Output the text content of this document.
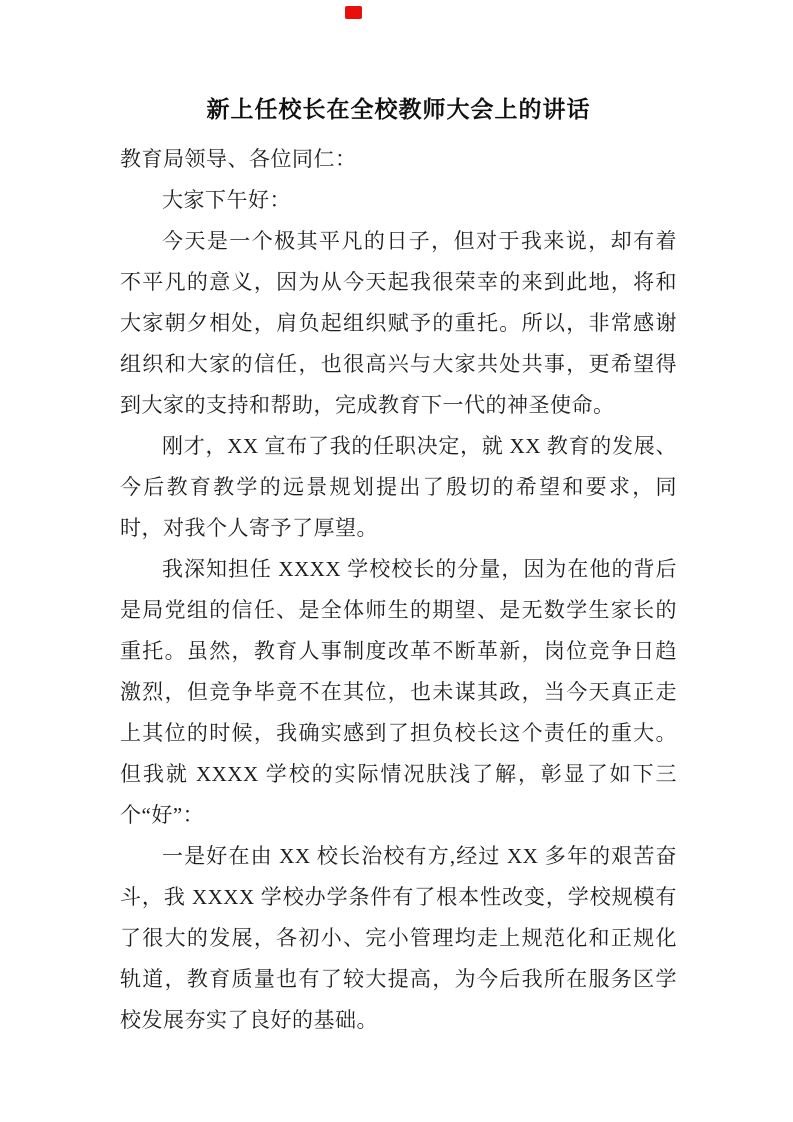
新上任校长在全校教师大会上的讲话

教育局领导、各位同仁：

大家下午好：

今天是一个极其平凡的日子，但对于我来说，却有着不平凡的意义，因为从今天起我很荣幸的来到此地，将和大家朝夕相处，肩负起组织赋予的重托。所以，非常感谢组织和大家的信任，也很高兴与大家共处共事，更希望得到大家的支持和帮助，完成教育下一代的神圣使命。

刚才，XX 宣布了我的任职决定，就 XX 教育的发展、今后教育教学的远景规划提出了殷切的希望和要求，同时，对我个人寄予了厚望。

我深知担任 XXXX 学校校长的分量，因为在他的背后是局党组的信任、是全体师生的期望、是无数学生家长的重托。虽然，教育人事制度改革不断革新，岗位竞争日趋激烈，但竞争毕竟不在其位，也未谋其政，当今天真正走上其位的时候，我确实感到了担负校长这个责任的重大。但我就 XXXX 学校的实际情况肤浅了解，彰显了如下三个“好”：

一是好在由 XX 校长治校有方,经过 XX 多年的艰苦奋斗，我 XXXX 学校办学条件有了根本性改变，学校规模有了很大的发展，各初小、完小管理均走上规范化和正规化轨道，教育质量也有了较大提高，为今后我所在服务区学校发展夯实了良好的基础。
